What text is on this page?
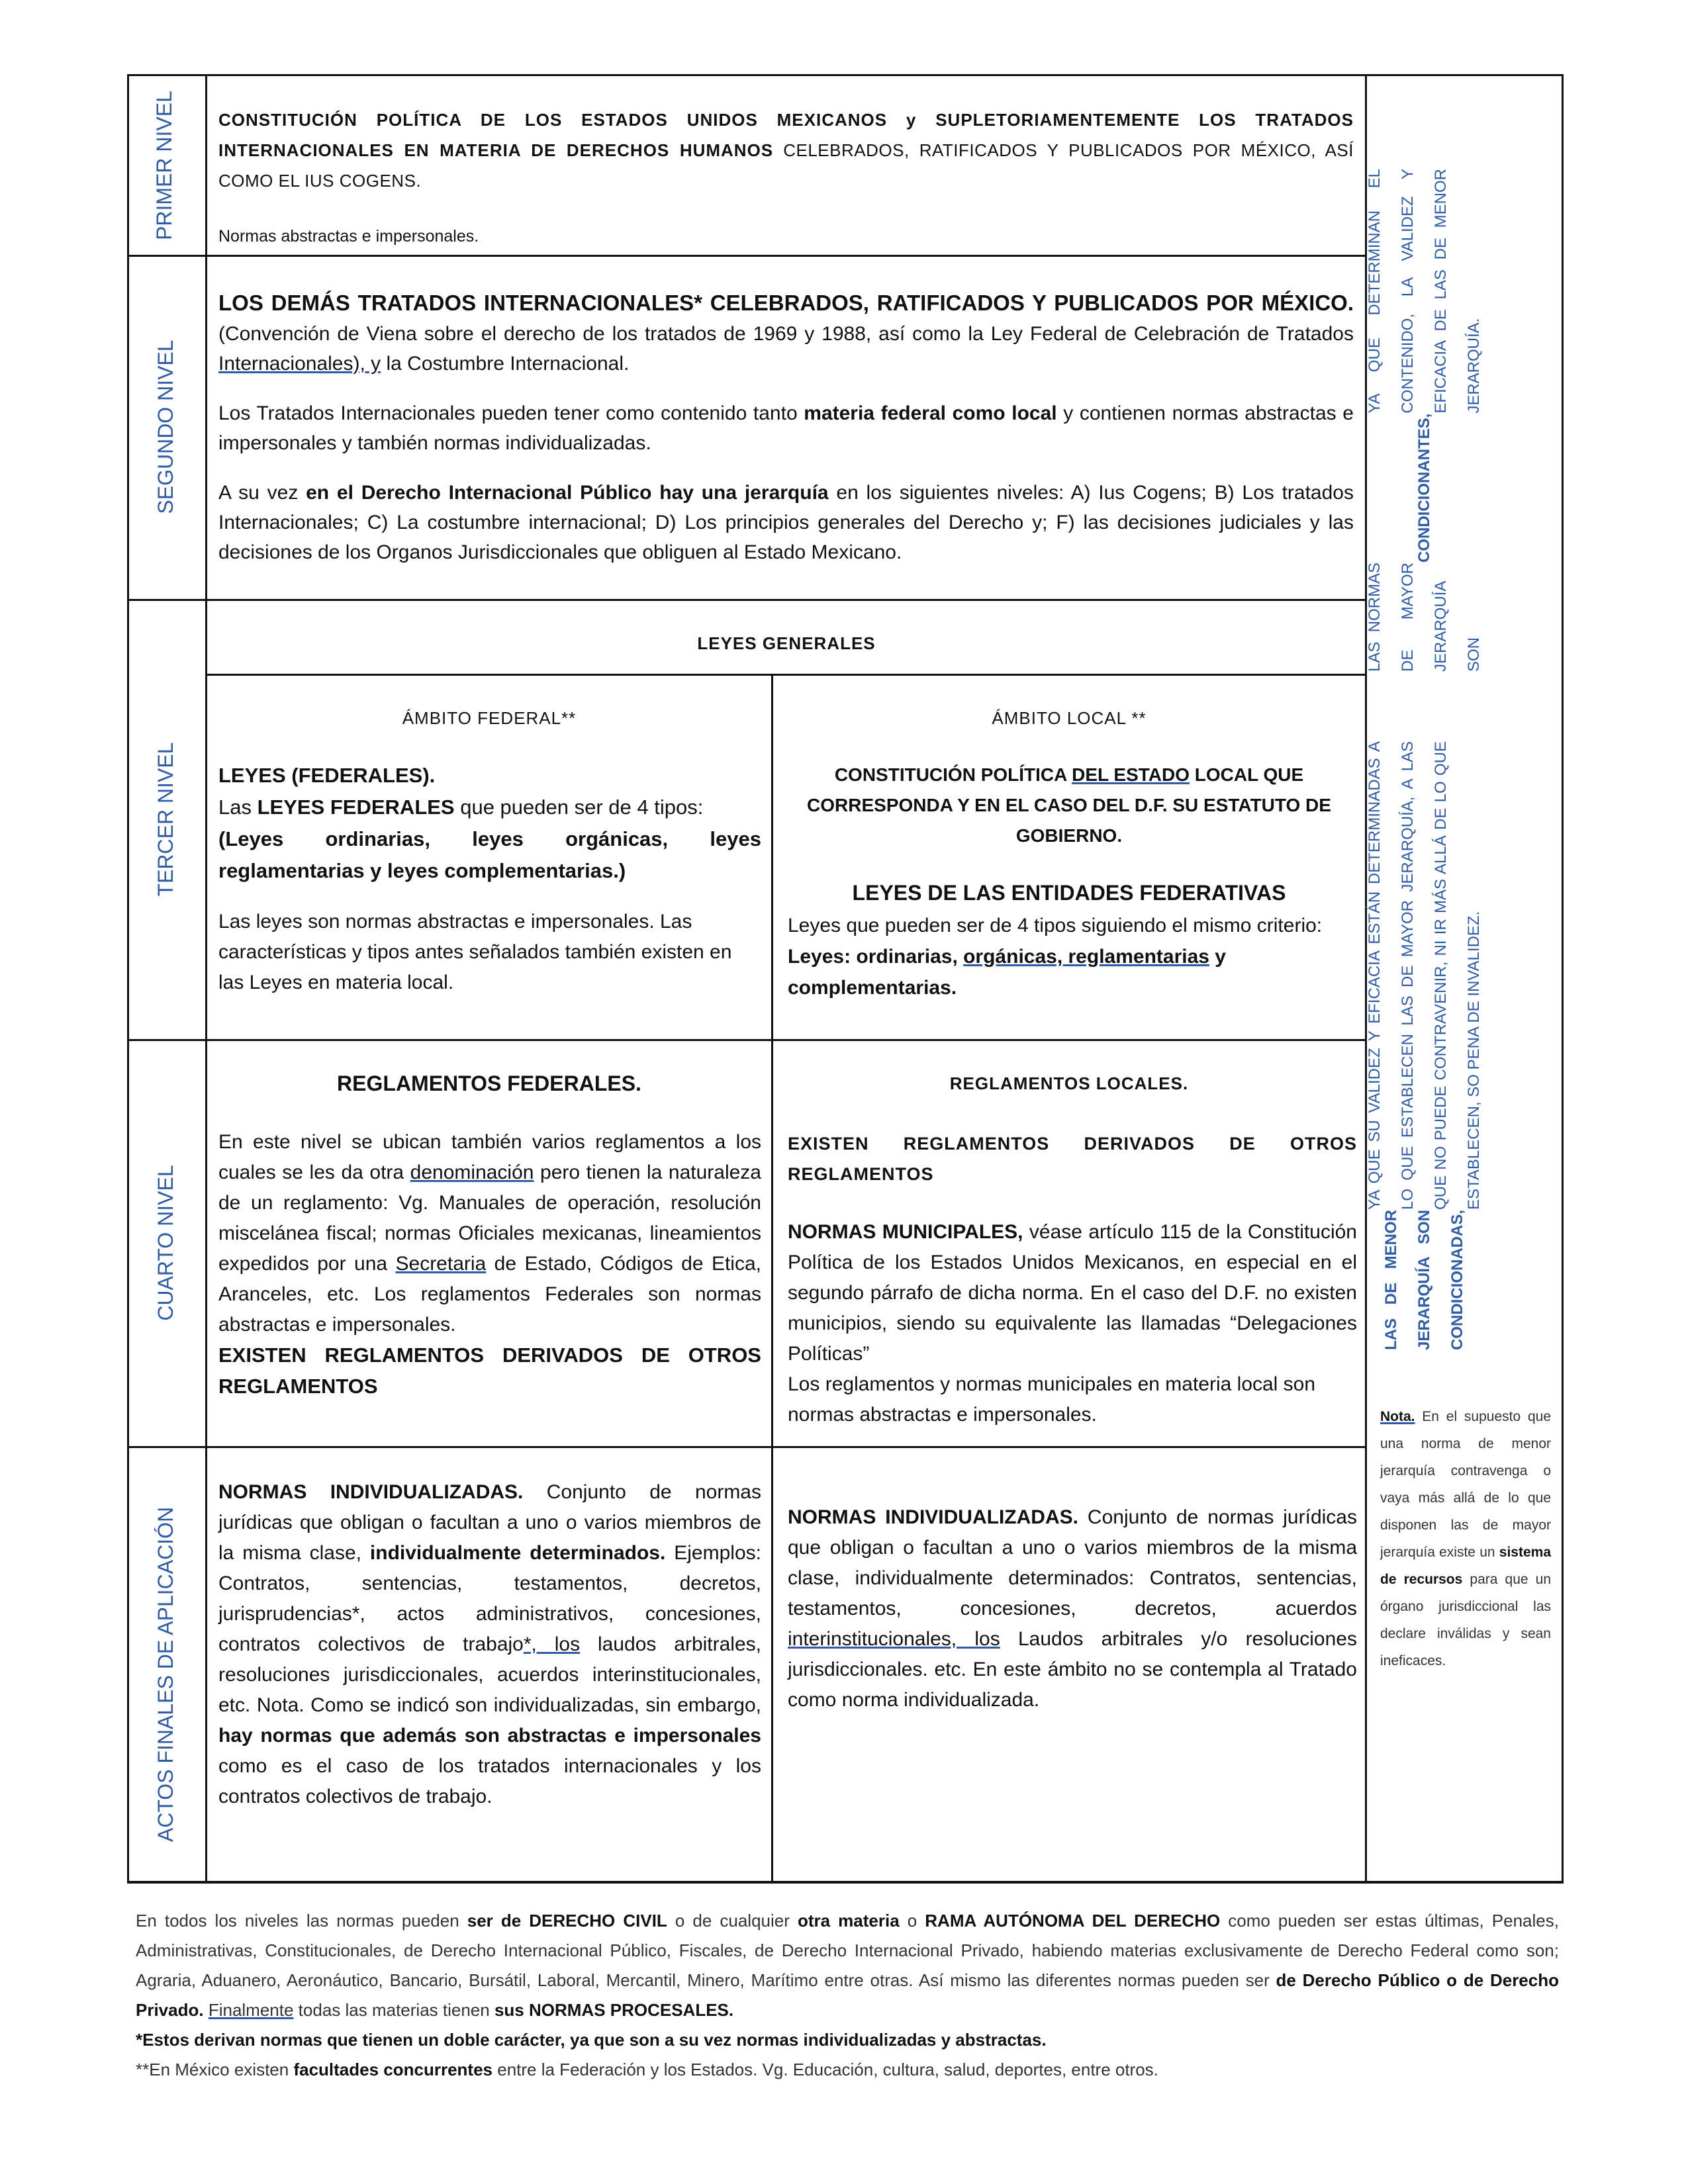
PRIMER NIVEL
SEGUNDO NIVEL
TERCER NIVEL
CUARTO NIVEL
ACTOS FINALES DE APLICACIÓN
CONSTITUCIÓN POLÍTICA DE LOS ESTADOS UNIDOS MEXICANOS y SUPLETORIAMENTEMENTE LOS TRATADOS INTERNACIONALES EN MATERIA DE DERECHOS HUMANOS CELEBRADOS, RATIFICADOS Y PUBLICADOS POR MÉXICO, ASÍ COMO EL IUS COGENS.
Normas abstractas e impersonales.

LOS DEMÁS TRATADOS INTERNACIONALES* CELEBRADOS, RATIFICADOS Y PUBLICADOS POR MÉXICO. (Convención de Viena sobre el derecho de los tratados de 1969 y 1988, así como la Ley Federal de Celebración de Tratados Internacionales), y la Costumbre Internacional.

Los Tratados Internacionales pueden tener como contenido tanto materia federal como local y contienen normas abstractas e impersonales y también normas individualizadas.

A su vez en el Derecho Internacional Público hay una jerarquía en los siguientes niveles: A) Ius Cogens; B) Los tratados Internacionales; C) La costumbre internacional; D) Los principios generales del Derecho y; F) las decisiones judiciales y las decisiones de los Organos Jurisdiccionales que obliguen al Estado Mexicano.

LEYES GENERALES
ÁMBITO FEDERAL**

LEYES (FEDERALES).

Las LEYES FEDERALES que pueden ser de 4 tipos:

(Leyes ordinarias, leyes orgánicas, leyes reglamentarias y leyes complementarias.)

Las leyes son normas abstractas e impersonales. Las características y tipos antes señalados también existen en las Leyes en materia local.

ÁMBITO LOCAL **
CONSTITUCIÓN POLÍTICA DEL ESTADO LOCAL QUE CORRESPONDA Y EN EL CASO DEL D.F. SU ESTATUTO DE GOBIERNO.
LEYES DE LAS ENTIDADES FEDERATIVAS
Leyes que pueden ser de 4 tipos siguiendo el mismo criterio: Leyes: ordinarias, orgánicas, reglamentarias y complementarias.
REGLAMENTOS FEDERALES.

En este nivel se ubican también varios reglamentos a los cuales se les da otra denominación pero tienen la naturaleza de un reglamento: Vg. Manuales de operación, resolución miscelánea fiscal; normas Oficiales mexicanas, lineamientos expedidos por una Secretaria de Estado, Códigos de Etica, Aranceles, etc. Los reglamentos Federales son normas abstractas e impersonales.

EXISTEN REGLAMENTOS DERIVADOS DE OTROS REGLAMENTOS

REGLAMENTOS LOCALES.

EXISTEN REGLAMENTOS DERIVADOS DE OTROS REGLAMENTOS

NORMAS MUNICIPALES, véase artículo 115 de la Constitución Política de los Estados Unidos Mexicanos, en especial en el segundo párrafo de dicha norma. En el caso del D.F. no existen municipios, siendo su equivalente las llamadas “Delegaciones Políticas”

Los reglamentos y normas municipales en materia local son normas abstractas e impersonales.

NORMAS INDIVIDUALIZADAS. Conjunto de normas jurídicas que obligan o facultan a uno o varios miembros de la misma clase, individualmente determinados. Ejemplos: Contratos, sentencias, testamentos, decretos, jurisprudencias*, actos administrativos, concesiones, contratos colectivos de trabajo*, los laudos arbitrales, resoluciones jurisdiccionales, acuerdos interinstitucionales, etc. Nota. Como se indicó son individualizadas, sin embargo, hay normas que además son abstractas e impersonales como es el caso de los tratados internacionales y los contratos colectivos de trabajo.
NORMAS INDIVIDUALIZADAS. Conjunto de normas jurídicas que obligan o facultan a uno o varios miembros de la misma clase, individualmente determinados: Contratos, sentencias, testamentos, concesiones, decretos, acuerdos interinstitucionales, los Laudos arbitrales y/o resoluciones jurisdiccionales. etc. En este ámbito no se contempla al Tratado como norma individualizada.
LAS NORMAS DE MAYOR JERARQUÍA SON
CONDICIONANTES,
YA QUE DETERMINAN EL CONTENIDO, LA VALIDEZ Y EFICACIA DE LAS DE MENOR JERARQUÍA.
LAS DE MENOR JERARQUÍA SON CONDICIONADAS,
YA QUE SU VALIDEZ Y EFICACIA ESTÁN DETERMINADAS A LO QUE ESTABLECEN LAS DE MAYOR JERARQUÍA, A LAS QUE NO PUEDE CONTRAVENIR, NI IR MÁS ALLÁ DE LO QUE ESTABLECEN, SO PENA DE INVALIDEZ.
Nota. En el supuesto que una norma de menor jerarquía contravenga o vaya más allá de lo que disponen las de mayor jerarquía existe un sistema de recursos para que un órgano jurisdiccional las declare inválidas y sean ineficaces.

En todos los niveles las normas pueden ser de DERECHO CIVIL o de cualquier otra materia o RAMA AUTÓNOMA DEL DERECHO como pueden ser estas últimas, Penales, Administrativas, Constitucionales, de Derecho Internacional Público, Fiscales, de Derecho Internacional Privado, habiendo materias exclusivamente de Derecho Federal como son; Agraria, Aduanero, Aeronáutico, Bancario, Bursátil, Laboral, Mercantil, Minero, Marítimo entre otras. Así mismo las diferentes normas pueden ser de Derecho Público o de Derecho Privado. Finalmente todas las materias tienen sus NORMAS PROCESALES.

*Estos derivan normas que tienen un doble carácter, ya que son a su vez normas individualizadas y abstractas.

**En México existen facultades concurrentes entre la Federación y los Estados. Vg. Educación, cultura, salud, deportes, entre otros.
